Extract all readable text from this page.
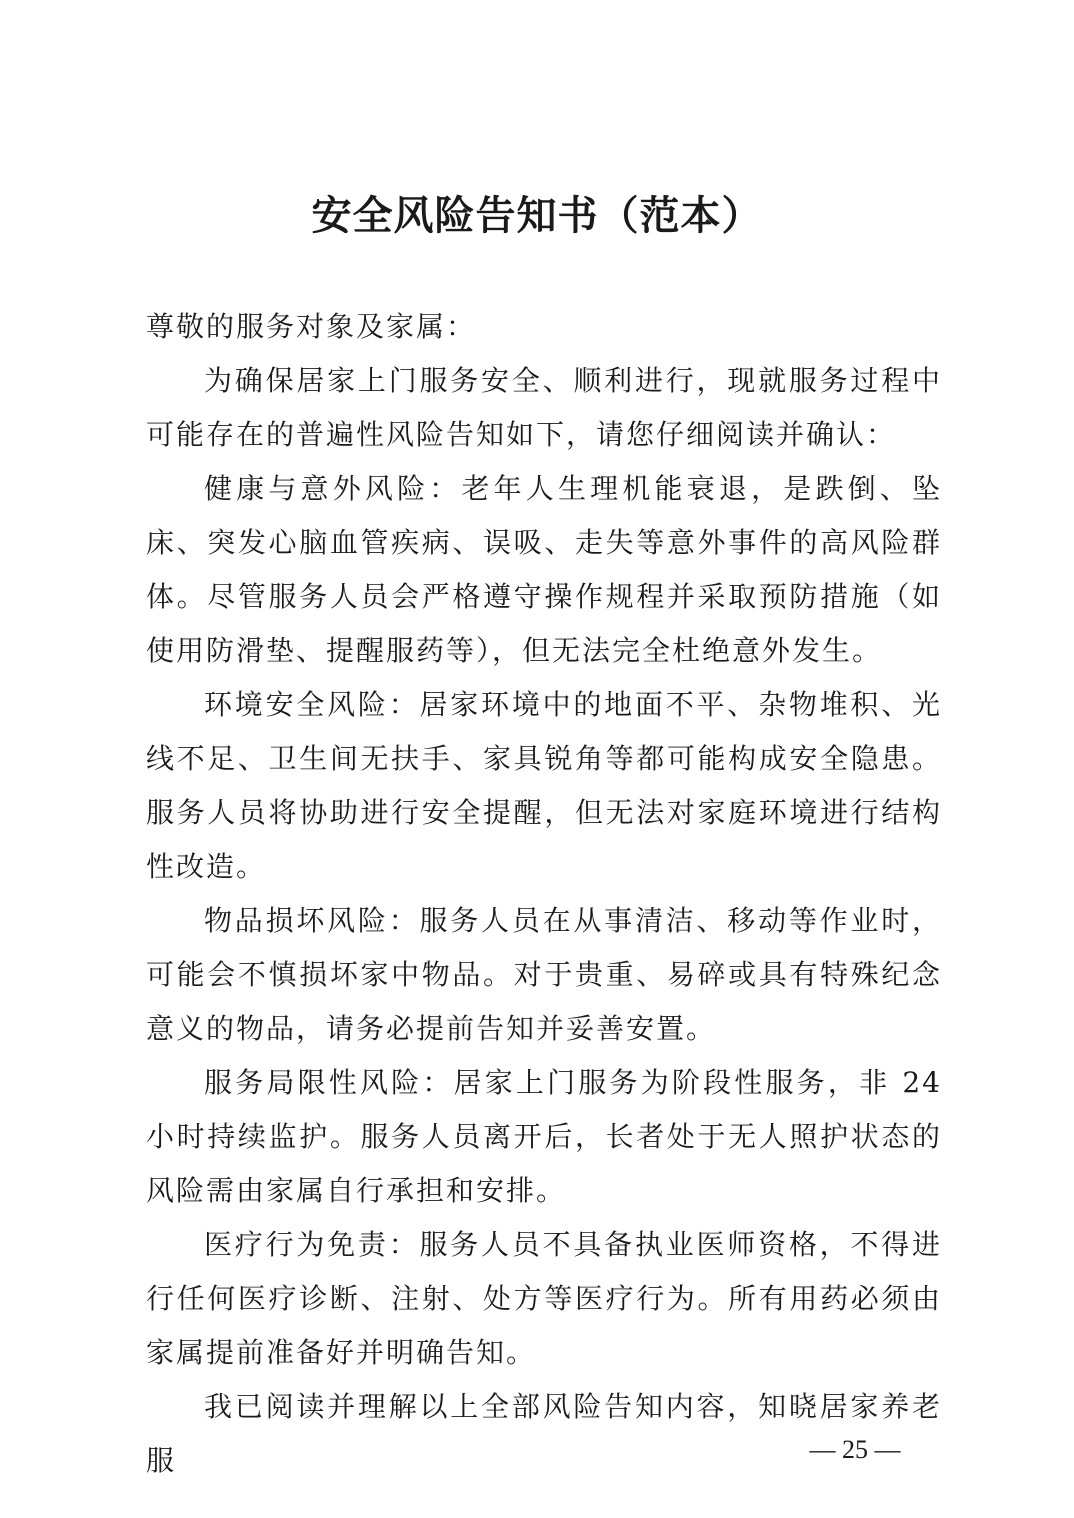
安全风险告知书（范本）

尊敬的服务对象及家属：

为确保居家上门服务安全、顺利进行，现就服务过程中可能存在的普遍性风险告知如下，请您仔细阅读并确认：

健康与意外风险：老年人生理机能衰退，是跌倒、坠床、突发心脑血管疾病、误吸、走失等意外事件的高风险群体。尽管服务人员会严格遵守操作规程并采取预防措施（如使用防滑垫、提醒服药等），但无法完全杜绝意外发生。

环境安全风险：居家环境中的地面不平、杂物堆积、光线不足、卫生间无扶手、家具锐角等都可能构成安全隐患。服务人员将协助进行安全提醒，但无法对家庭环境进行结构性改造。

物品损坏风险：服务人员在从事清洁、移动等作业时，可能会不慎损坏家中物品。对于贵重、易碎或具有特殊纪念意义的物品，请务必提前告知并妥善安置。

服务局限性风险：居家上门服务为阶段性服务，非 24 小时持续监护。服务人员离开后，长者处于无人照护状态的风险需由家属自行承担和安排。

医疗行为免责：服务人员不具备执业医师资格，不得进行任何医疗诊断、注射、处方等医疗行为。所有用药必须由家属提前准备好并明确告知。

我已阅读并理解以上全部风险告知内容，知晓居家养老服	— 25 —
